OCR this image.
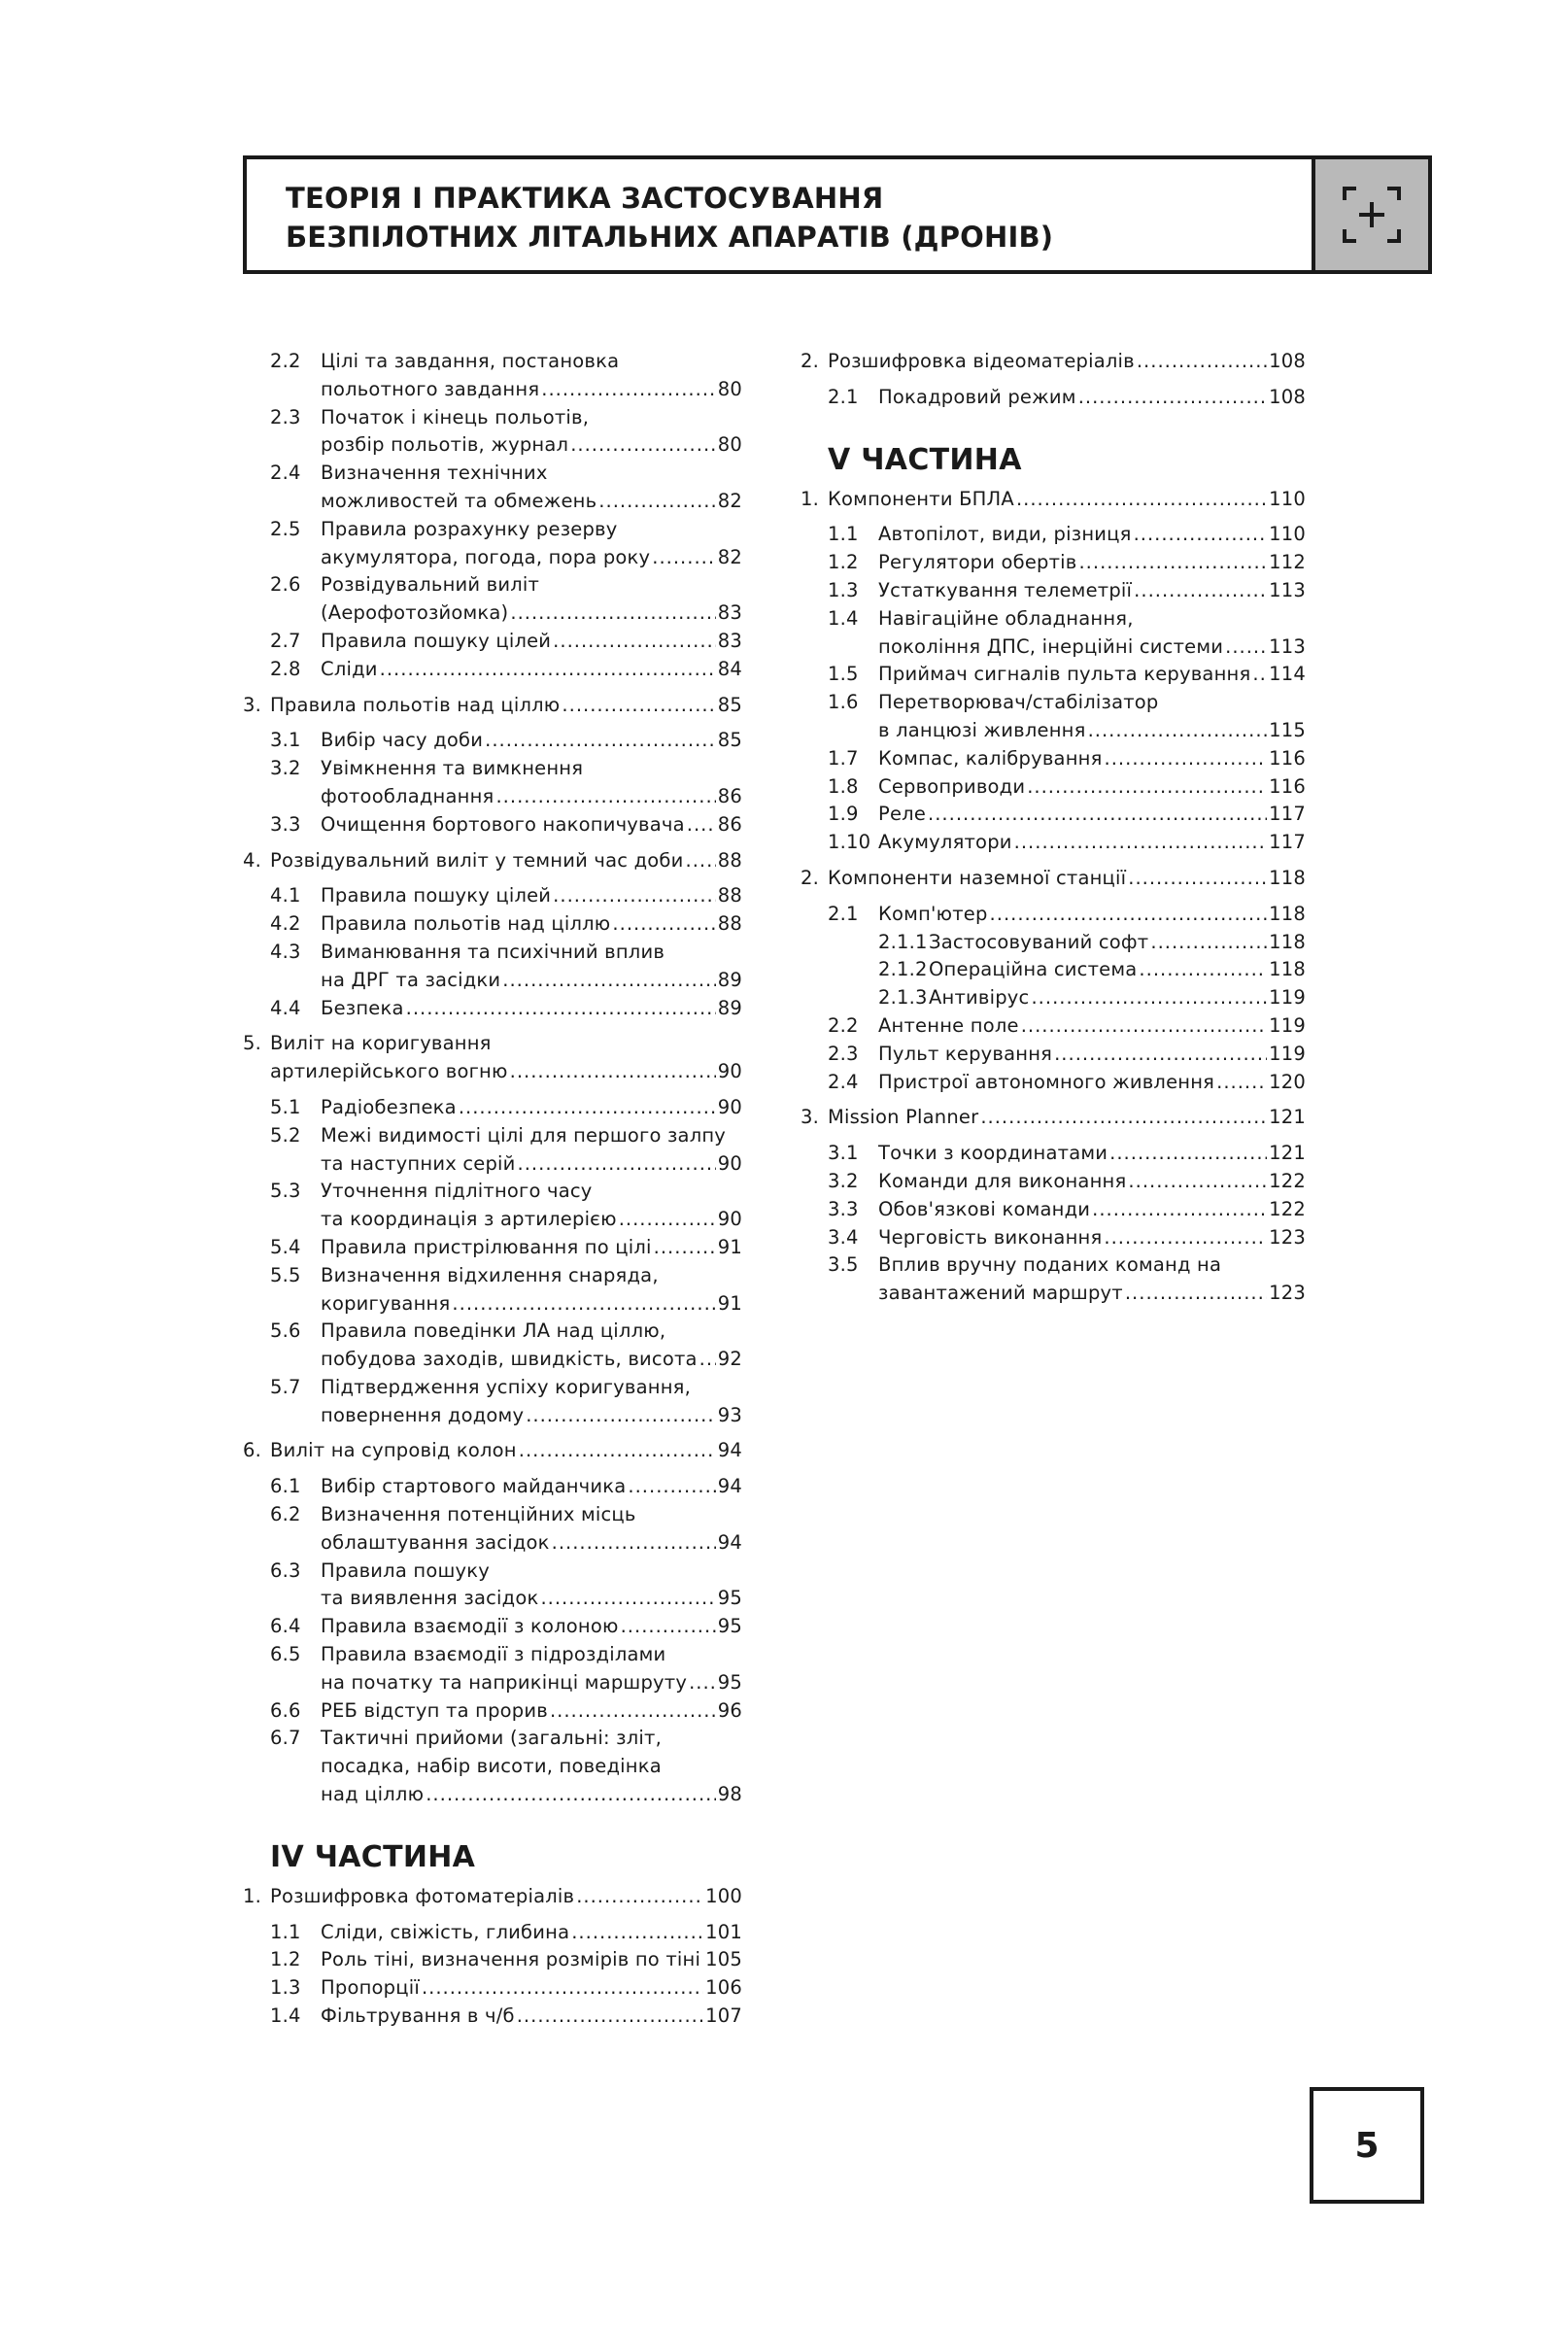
ТЕОРІЯ І ПРАКТИКА ЗАСТОСУВАННЯ
БЕЗПІЛОТНИХ ЛІТАЛЬНИХ АПАРАТІВ (ДРОНІВ)
2.2 Цілі та завдання, постановка
польотного завдання .....	80
2.3 Початок і кінець польотів,
розбір польотів, журнал .....	80
2.4 Визначення технічних
можливостей та обмежень .....	82
2.5 Правила розрахунку резерву
акумулятора, погода, пора року .....	82
2.6 Розвідувальний виліт
(Аерофотозйомка) .....	83
2.7 Правила пошуку цілей .....	83
2.8 Сліди .....	84
3. Правила польотів над ціллю .....	85
3.1 Вибір часу доби .....	85
3.2 Увімкнення та вимкнення
фотообладнання .....	86
3.3 Очищення бортового накопичувача ..... 86
4. Розвідувальний виліт у темний час доби ..... 88
4.1 Правила пошуку цілей .....	88
4.2 Правила польотів над ціллю .....	88
4.3 Виманювання та психічний вплив
на ДРГ та засідки .....	89
4.4 Безпека .....	89
5. Виліт на коригування
артилерійського вогню .....	90
5.1 Радіобезпека .....	90
5.2 Межі видимості цілі для першого залпу
та наступних серій .....	90
5.3 Уточнення підлітного часу
та координація з артилерією .....	90
5.4 Правила пристрілювання по цілі .....	91
5.5 Визначення відхилення снаряда,
коригування .....	91
5.6 Правила поведінки ЛА над ціллю,
побудова заходів, швидкість, висота ..... 92
5.7 Підтвердження успіху коригування,
повернення додому .....	93
6. Виліт на супровід колон .....	94
6.1 Вибір стартового майданчика .....	94
6.2 Визначення потенційних місць
облаштування засідок .....	94
6.3 Правила пошуку
та виявлення засідок .....	95
6.4 Правила взаємодії з колоною .....	95
6.5 Правила взаємодії з підрозділами
на початку та наприкінці маршруту ..... 95
6.6 РЕБ відступ та прорив .....	96
6.7 Тактичні прийоми (загальні: зліт,
посадка, набір висоти, поведінка
над ціллю .....	98
IV ЧАСТИНА
1. Розшифровка фотоматеріалів .....	100
1.1 Сліди, свіжість, глибина .....	101
1.2 Роль тіні, визначення розмірів по тіні ..... 105
1.3 Пропорції .....	106
1.4 Фільтрування в ч/б .....	107
2. Розшифровка відеоматеріалів .....	108
2.1 Покадровий режим .....	108
V ЧАСТИНА
1. Компоненти БПЛА .....	110
1.1 Автопілот, види, різниця .....	110
1.2 Регулятори обертів .....	112
1.3 Устаткування телеметрії .....	113
1.4 Навігаційне обладнання,
покоління ДПС, інерційні системи ..... 113
1.5 Приймач сигналів пульта керування ..... 114
1.6 Перетворювач/стабілізатор
в ланцюзі живлення .....	115
1.7 Компас, калібрування .....	116
1.8 Сервоприводи .....	116
1.9 Реле .....	117
1.10 Акумулятори .....	117
2. Компоненти наземної станції .....	118
2.1 Комп'ютер .....	118
2.1.1 Застосовуваний софт .....	118
2.1.2 Операційна система .....	118
2.1.3 Антивірус .....	119
2.2 Антенне поле .....	119
2.3 Пульт керування .....	119
2.4 Пристрої автономного живлення .....	120
3. Mission Planner .....	121
3.1 Точки з координатами .....	121
3.2 Команди для виконання .....	122
3.3 Обов'язкові команди .....	122
3.4 Черговість виконання .....	123
3.5 Вплив вручну поданих команд на
завантажений маршрут .....	123
5
